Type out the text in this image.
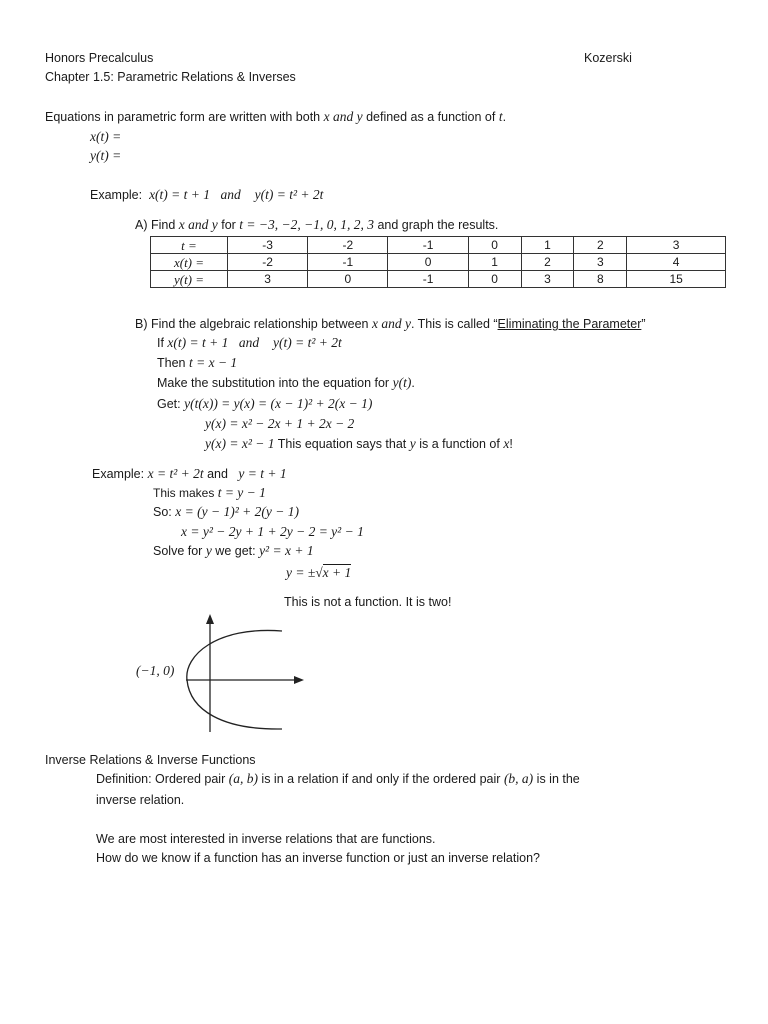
Honors Precalculus	Kozerski
Chapter 1.5: Parametric Relations & Inverses
Equations in parametric form are written with both x and y defined as a function of t.
x(t) =
y(t) =
Example: x(t) = t + 1 and y(t) = t² + 2t
A) Find x and y for t = −3, −2, −1, 0, 1, 2, 3 and graph the results.
t =	-3	-2	-1	0	1	2	3
x(t) =	-2	-1	0	1	2	3	4
y(t) =	3	0	-1	0	3	8	15
B) Find the algebraic relationship between x and y. This is called “Eliminating the Parameter”
If x(t) = t + 1 and y(t) = t² + 2t
Then t = x − 1
Make the substitution into the equation for y(t).
Get: y(t(x)) = y(x) = (x − 1)² + 2(x − 1)
y(x) = x² − 2x + 1 + 2x − 2
y(x) = x² − 1 This equation says that y is a function of x!
Example: x = t² + 2t and   y = t + 1
This makes t = y − 1
So: x = (y − 1)² + 2(y − 1)
x = y² − 2y + 1 + 2y − 2 = y² − 1
Solve for y we get: y² = x + 1
y = ±√x + 1
This is not a function. It is two!
(−1, 0)
Inverse Relations & Inverse Functions
Definition: Ordered pair (a, b) is in a relation if and only if the ordered pair (b, a) is in the
inverse relation.
We are most interested in inverse relations that are functions.
How do we know if a function has an inverse function or just an inverse relation?
